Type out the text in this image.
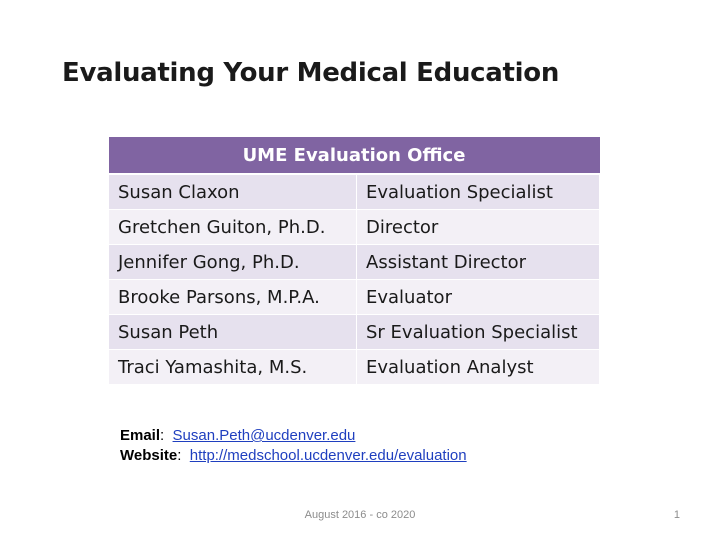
Evaluating Your Medical Education
UME Evaluation Office	
Susan Claxon	Evaluation Specialist
Gretchen Guiton, Ph.D.	Director
Jennifer Gong, Ph.D.	Assistant Director
Brooke Parsons, M.P.A.	Evaluator
Susan Peth	Sr Evaluation Specialist
Traci Yamashita, M.S.	Evaluation Analyst
Email:  Susan.Peth@ucdenver.edu
Website:  http://medschool.ucdenver.edu/evaluation
August 2016 - co 2020	1
